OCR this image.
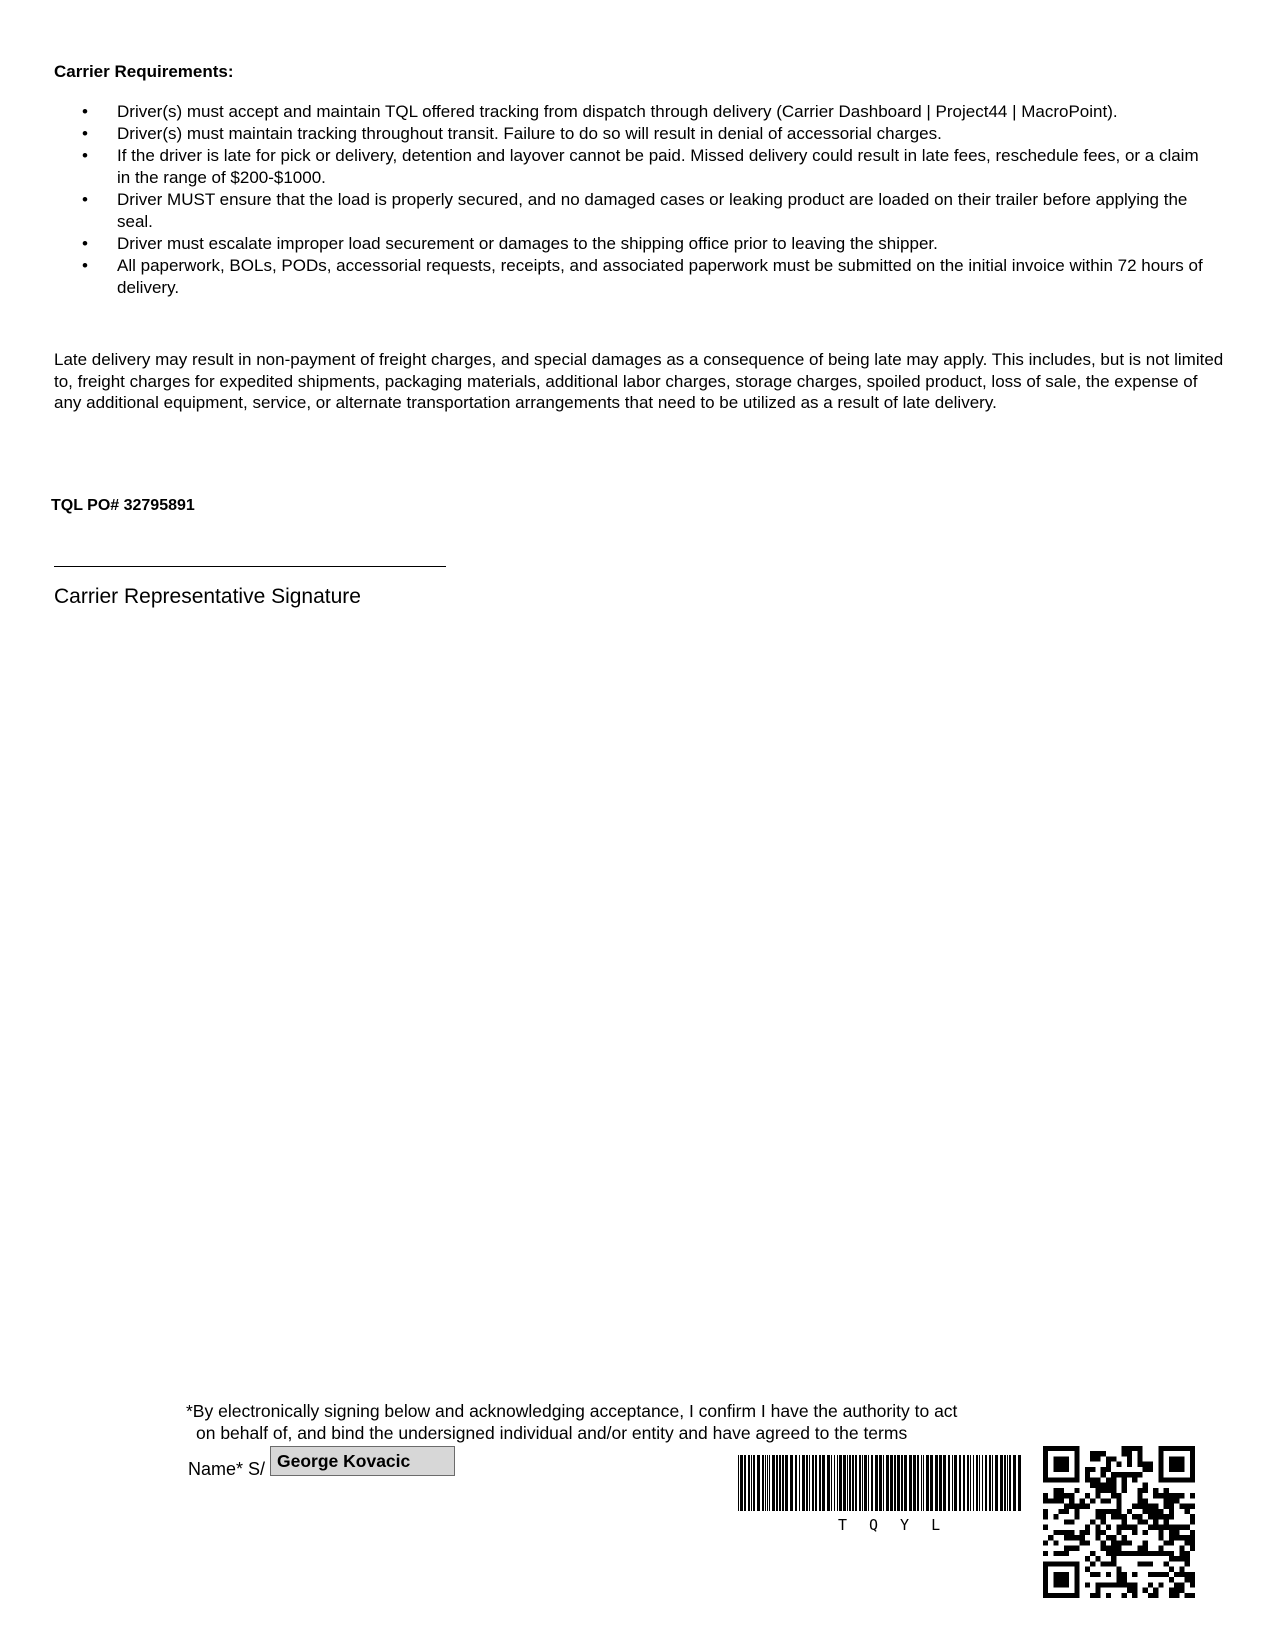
Carrier Requirements:
• Driver(s) must accept and maintain TQL offered tracking from dispatch through delivery (Carrier Dashboard | Project44 | MacroPoint).
• Driver(s) must maintain tracking throughout transit. Failure to do so will result in denial of accessorial charges.
• If the driver is late for pick or delivery, detention and layover cannot be paid. Missed delivery could result in late fees, reschedule fees, or a claim in the range of $200-$1000.
• Driver MUST ensure that the load is properly secured, and no damaged cases or leaking product are loaded on their trailer before applying the seal.
• Driver must escalate improper load securement or damages to the shipping office prior to leaving the shipper.
• All paperwork, BOLs, PODs, accessorial requests, receipts, and associated paperwork must be submitted on the initial invoice within 72 hours of delivery.

Late delivery may result in non-payment of freight charges, and special damages as a consequence of being late may apply. This includes, but is not limited to, freight charges for expedited shipments, packaging materials, additional labor charges, storage charges, spoiled product, loss of sale, the expense of any additional equipment, service, or alternate transportation arrangements that need to be utilized as a result of late delivery.

TQL PO# 32795891
Carrier Representative Signature

*By electronically signing below and acknowledging acceptance, I confirm I have the authority to act
on behalf of, and bind the undersigned individual and/or entity and have agreed to the terms

Name* S/ George Kovacic
TQYL
